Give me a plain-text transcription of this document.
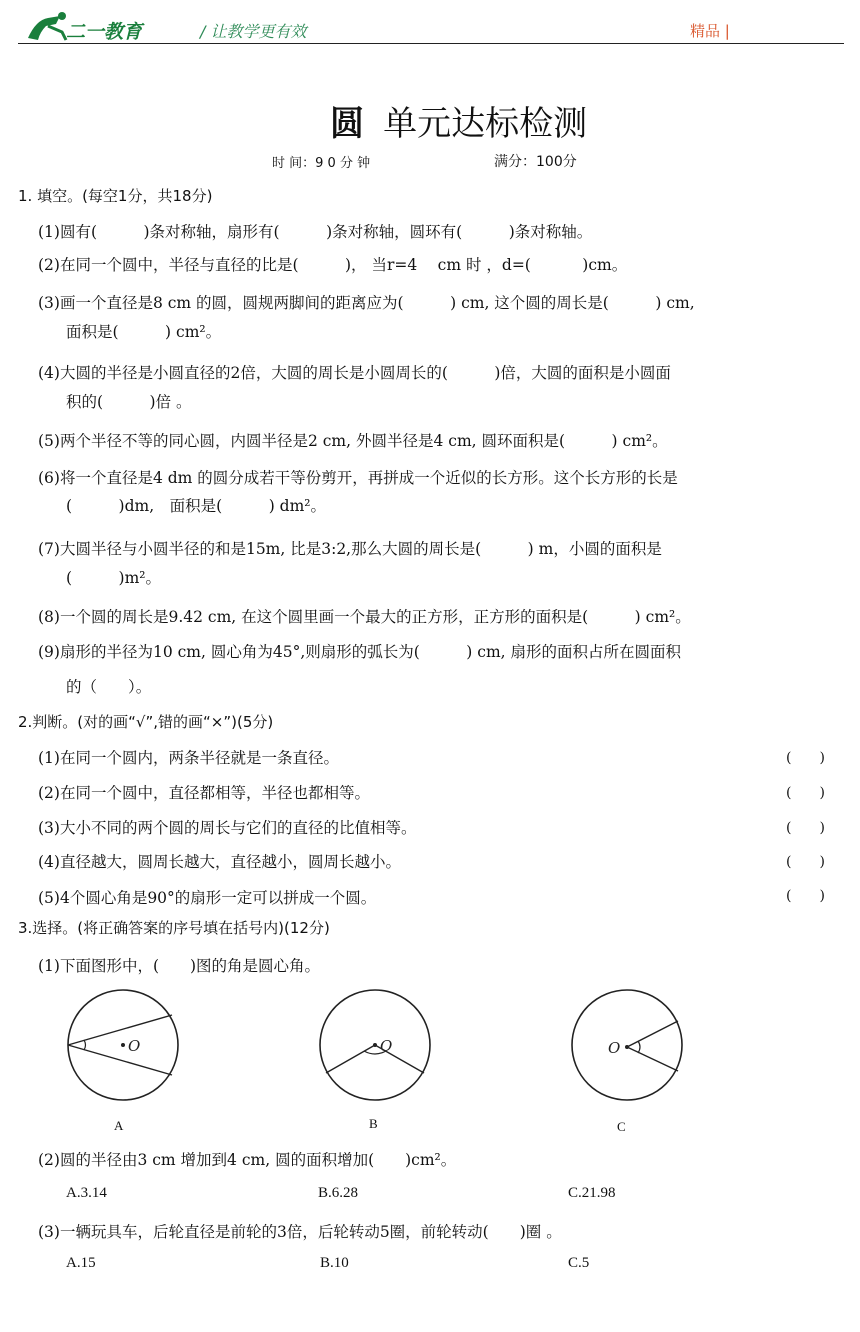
二一教育	/ 让教学更有效	精品 |
圆 单元达标检测
时 间：9 0 分 钟	满分：100分
1. 填空。(每空1分，共18分)
(1)圆有(　　　)条对称轴，扇形有(　　　)条对称轴，圆环有(　　　)条对称轴。
(2)在同一个圆中，半径与直径的比是(　　　)， 当r=4　 cm 时 ，d=(　　　 )cm。
(3)画一个直径是8 cm 的圆，圆规两脚间的距离应为(　　　) cm, 这个圆的周长是(　　　) cm,
面积是(　　　) cm²。
(4)大圆的半径是小圆直径的2倍，大圆的周长是小圆周长的(　　　)倍，大圆的面积是小圆面
积的(　　　)倍 。
(5)两个半径不等的同心圆，内圆半径是2 cm, 外圆半径是4 cm, 圆环面积是(　　　) cm²。
(6)将一个直径是4 dm 的圆分成若干等份剪开，再拼成一个近似的长方形。这个长方形的长是
(　　　)dm,　面积是(　　　) dm²。
(7)大圆半径与小圆半径的和是15m, 比是3:2,那么大圆的周长是(　　　) m，小圆的面积是
(　　　)m²。
(8)一个圆的周长是9.42 cm, 在这个圆里画一个最大的正方形，正方形的面积是(　　　) cm²。
(9)扇形的半径为10 cm, 圆心角为45°,则扇形的弧长为(　　　) cm, 扇形的面积占所在圆面积
的（　　）。
2.判断。(对的画“√”,错的画“×”)(5分)
(1)在同一个圆内，两条半径就是一条直径。	(　　)
(2)在同一个圆中，直径都相等，半径也都相等。	(　　)
(3)大小不同的两个圆的周长与它们的直径的比值相等。	(　　)
(4)直径越大，圆周长越大，直径越小，圆周长越小。	(　　)
(5)4个圆心角是90°的扇形一定可以拼成一个圆。	(　　)
3.选择。(将正确答案的序号填在括号内)(12分)
(1)下面图形中，(　　)图的角是圆心角。
O
A
O
B
O
C
(2)圆的半径由3 cm 增加到4 cm, 圆的面积增加(　　)cm²。
A.3.14	B.6.28	C.21.98
(3)一辆玩具车，后轮直径是前轮的3倍，后轮转动5圈，前轮转动(　　)圈 。
A.15	B.10	C.5
